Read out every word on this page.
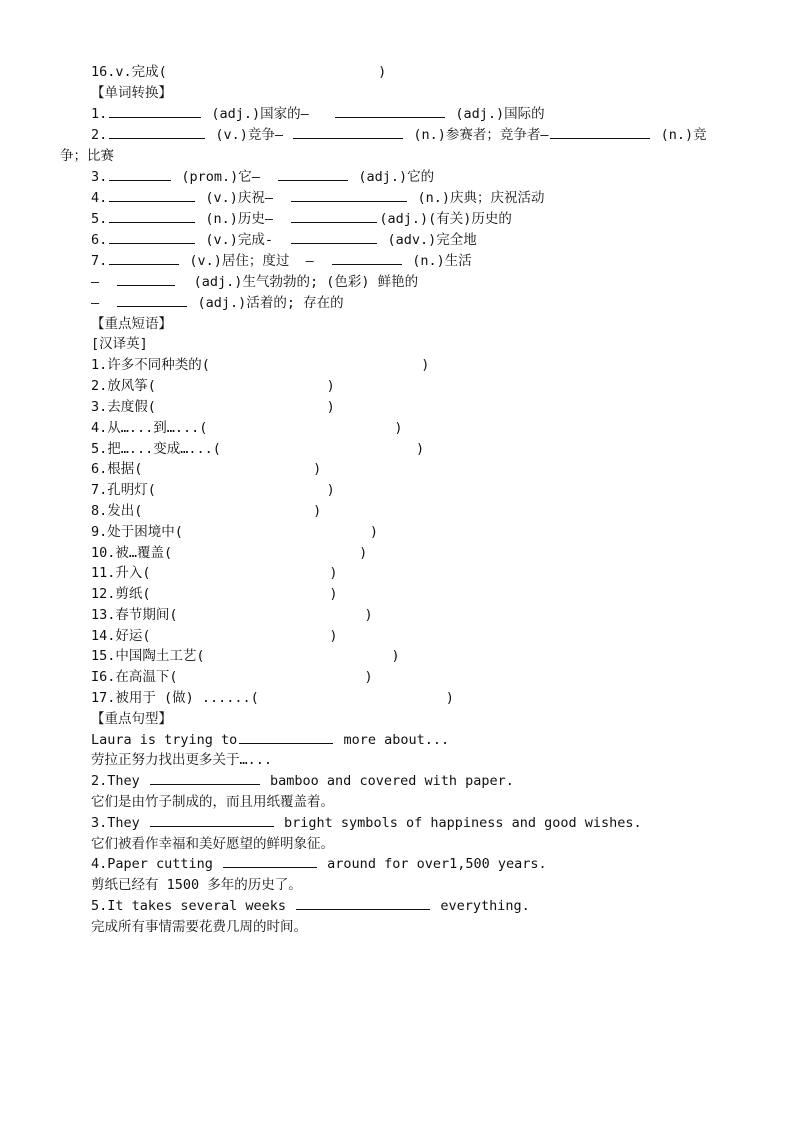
16.v.完成(                          )
【单词转换】
1.	(adj.)国家的—	(adj.)国际的
2.	(v.)竞争—	(n.)参赛者；竞争者—	(n.)竞
争；比赛
3.	(prom.)它—	(adj.)它的
4.	(v.)庆祝—	(n.)庆典；庆祝活动
5.	(n.)历史—	(adj.)(有关)历史的
6.	(v.)完成-	(adv.)完全地
7.	(v.)居住；度过  —	(n.)生活
—	(adj.)生气勃勃的; (色彩) 鲜艳的
—	(adj.)活着的; 存在的
【重点短语】
[汉译英]
1.许多不同种类的(                          )
2.放风筝(                     )
3.去度假(                     )
4.从…...到…...(                       )
5.把…...变成…...(                        )
6.根据(                     )
7.孔明灯(                     )
8.发出(                     )
9.处于困境中(                       )
10.被…覆盖(                       )
11.升入(                      )
12.剪纸(                      )
13.春节期间(                       )
14.好运(                      )
15.中国陶土工艺(                       )
I6.在高温下(                       )
17.被用于 (做) ......(                       )
【重点句型】
Laura is trying to	more about...
劳拉正努力找出更多关于…...
2.They	bamboo and covered with paper.
它们是由竹子制成的，而且用纸覆盖着。
3.They	bright symbols of happiness and good wishes.
它们被看作幸福和美好愿望的鲜明象征。
4.Paper cutting	around for over1,500 years.
剪纸已经有 1500 多年的历史了。
5.It takes several weeks	everything.
完成所有事情需要花费几周的时间。
